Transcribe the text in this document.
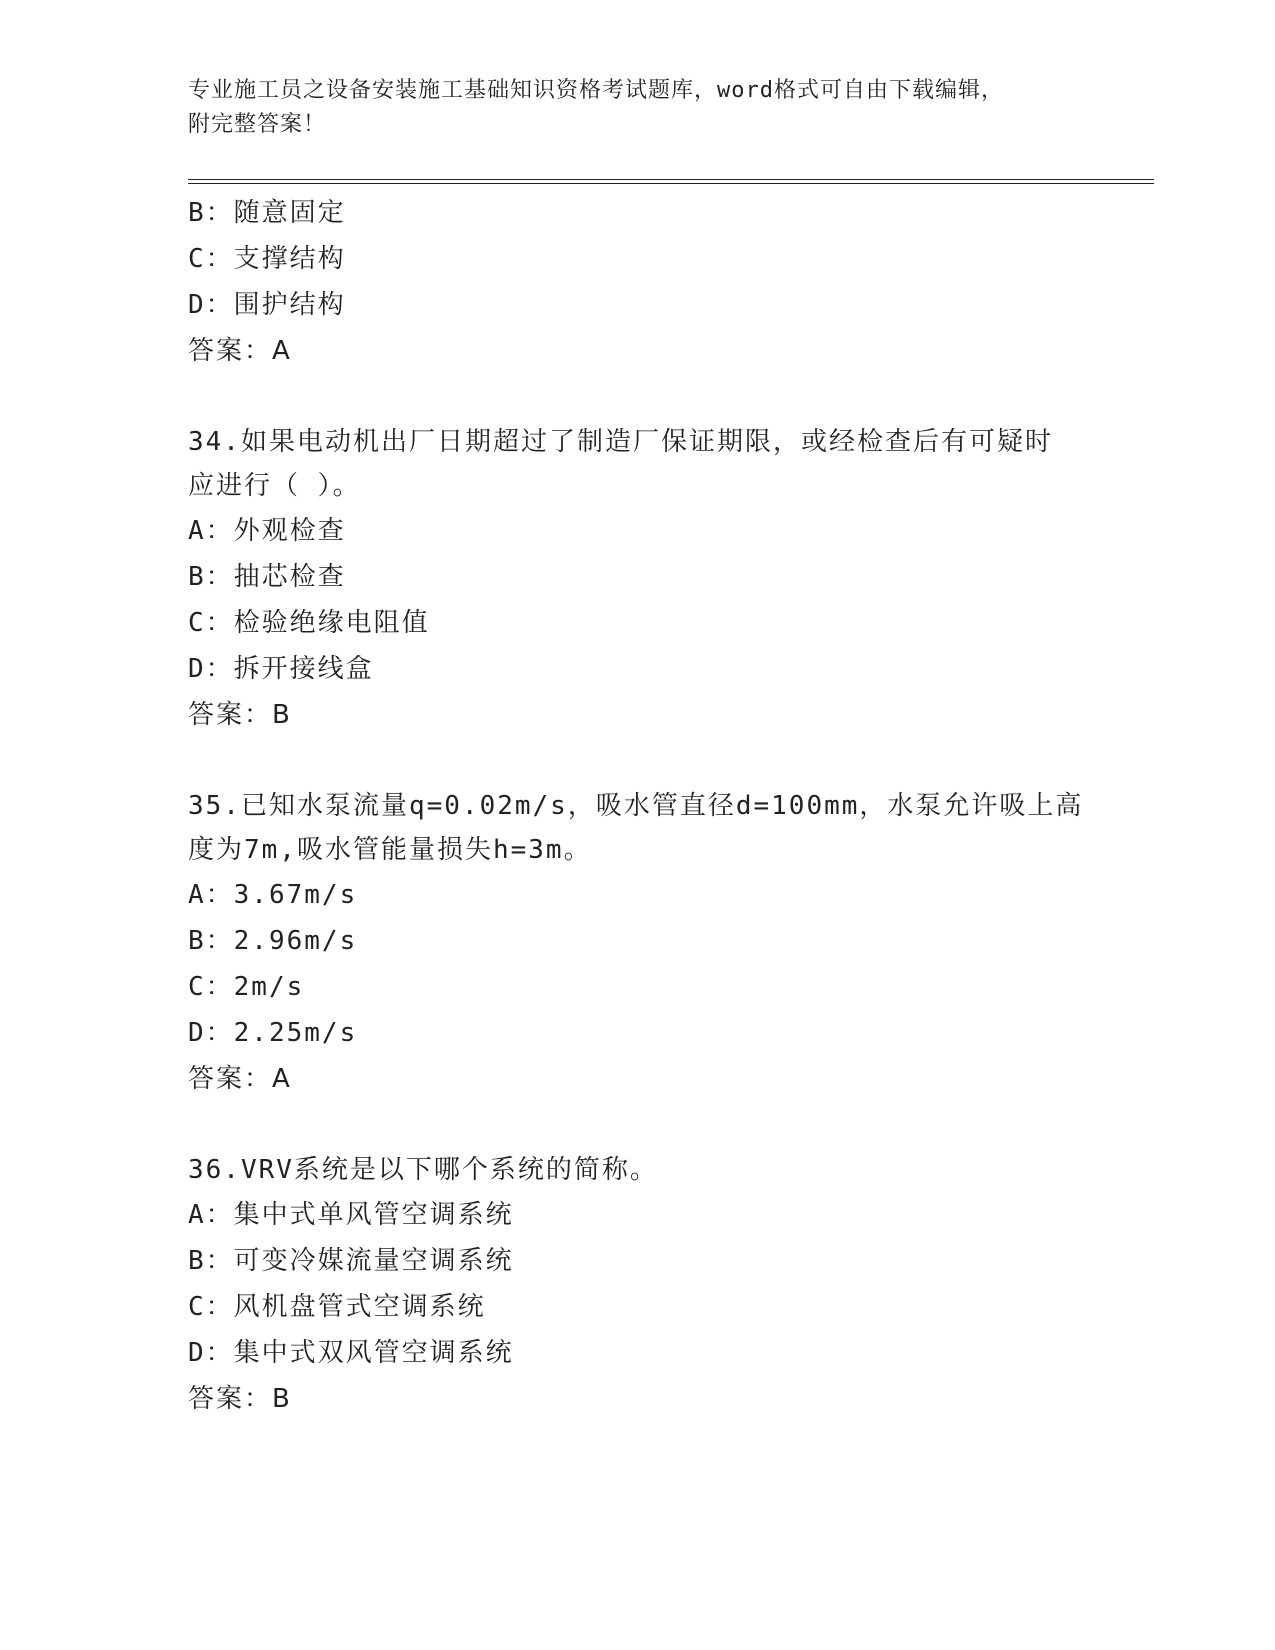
专业施工员之设备安装施工基础知识资格考试题库，word格式可自由下载编辑，
附完整答案！
B：随意固定
C：支撑结构
D：围护结构
答案：A
34.如果电动机出厂日期超过了制造厂保证期限，或经检查后有可疑时
应进行（ ）。
A：外观检查
B：抽芯检查
C：检验绝缘电阻值
D：拆开接线盒
答案：B
35.已知水泵流量q=0.02m/s，吸水管直径d=100mm，水泵允许吸上高
度为7m,吸水管能量损失h=3m。
A：3.67m/s
B：2.96m/s
C：2m/s
D：2.25m/s
答案：A
36.VRV系统是以下哪个系统的简称。
A：集中式单风管空调系统
B：可变冷媒流量空调系统
C：风机盘管式空调系统
D：集中式双风管空调系统
答案：B
